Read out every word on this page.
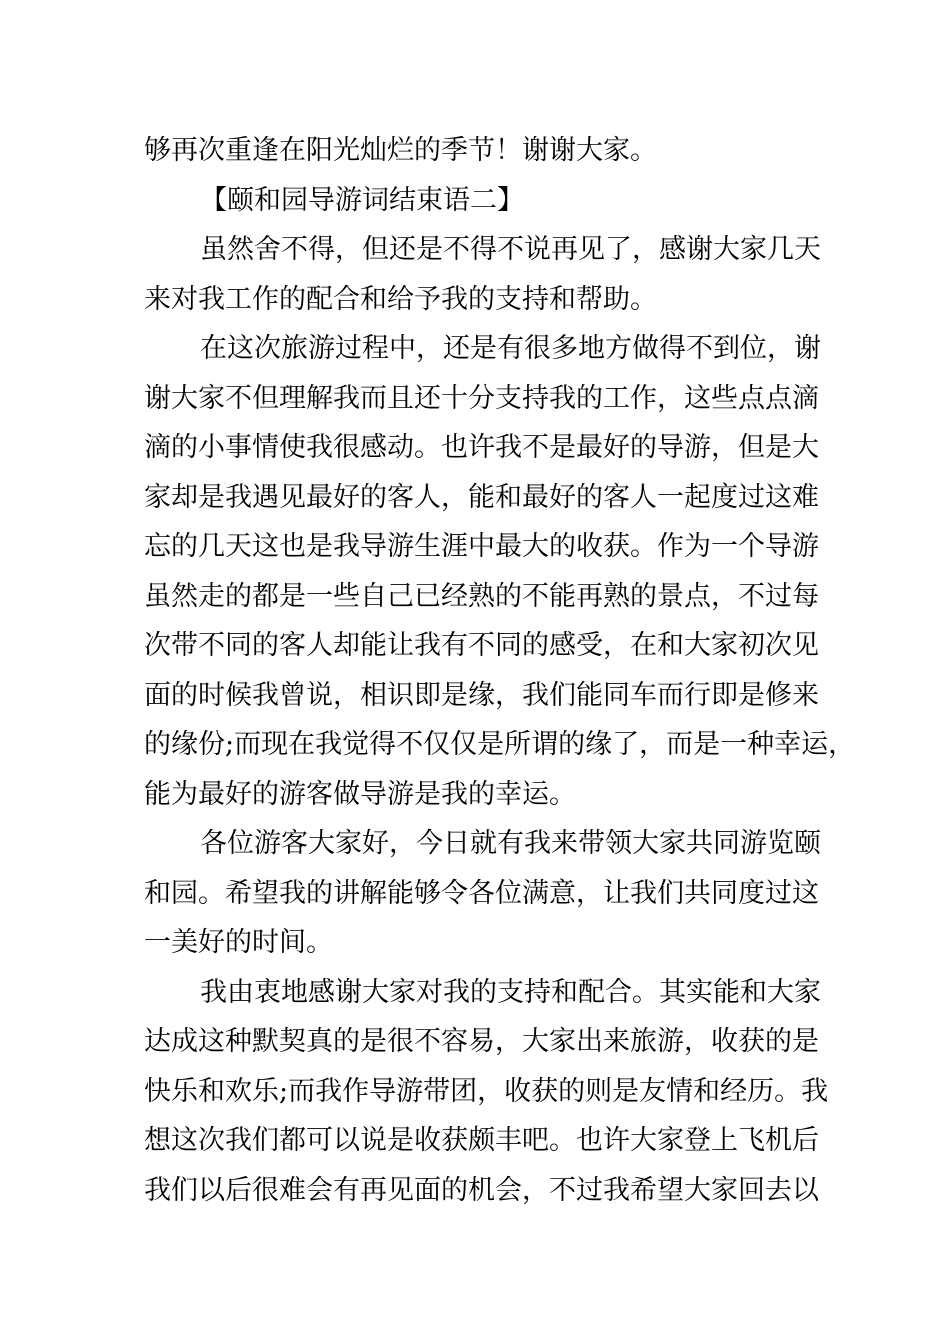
够再次重逢在阳光灿烂的季节！谢谢大家。
【颐和园导游词结束语二】
虽然舍不得，但还是不得不说再见了，感谢大家几天
来对我工作的配合和给予我的支持和帮助。
在这次旅游过程中，还是有很多地方做得不到位，谢
谢大家不但理解我而且还十分支持我的工作，这些点点滴
滴的小事情使我很感动。也许我不是最好的导游，但是大
家却是我遇见最好的客人，能和最好的客人一起度过这难
忘的几天这也是我导游生涯中最大的收获。作为一个导游
虽然走的都是一些自己已经熟的不能再熟的景点，不过每
次带不同的客人却能让我有不同的感受，在和大家初次见
面的时候我曾说，相识即是缘，我们能同车而行即是修来
的缘份;而现在我觉得不仅仅是所谓的缘了，而是一种幸运，
能为最好的游客做导游是我的幸运。
各位游客大家好，今日就有我来带领大家共同游览颐
和园。希望我的讲解能够令各位满意，让我们共同度过这
一美好的时间。
我由衷地感谢大家对我的支持和配合。其实能和大家
达成这种默契真的是很不容易，大家出来旅游，收获的是
快乐和欢乐;而我作导游带团，收获的则是友情和经历。我
想这次我们都可以说是收获颇丰吧。也许大家登上飞机后
我们以后很难会有再见面的机会，不过我希望大家回去以
